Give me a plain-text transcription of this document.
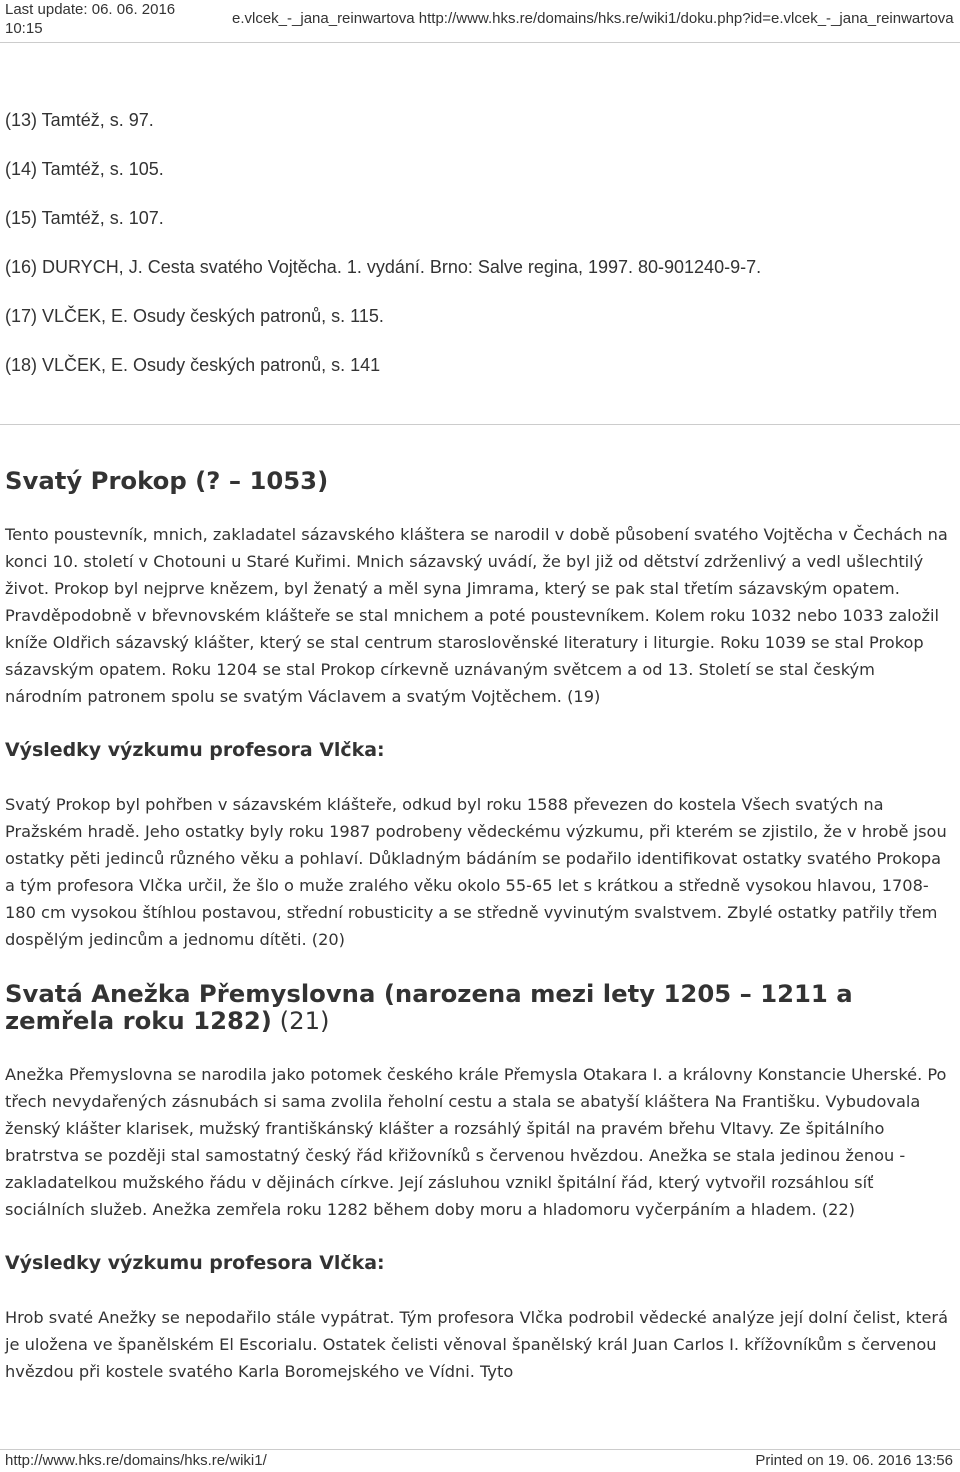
Last update: 06. 06. 2016 10:15
e.vlcek_-_jana_reinwartova http://www.hks.re/domains/hks.re/wiki1/doku.php?id=e.vlcek_-_jana_reinwartova
(13) Tamtéž, s. 97.
(14) Tamtéž, s. 105.
(15) Tamtéž, s. 107.
(16) DURYCH, J. Cesta svatého Vojtěcha. 1. vydání. Brno: Salve regina, 1997. 80-901240-9-7.
(17) VLČEK, E. Osudy českých patronů, s. 115.
(18) VLČEK, E. Osudy českých patronů, s. 141
Svatý Prokop (? – 1053)

Tento poustevník, mnich, zakladatel sázavského kláštera se narodil v době působení svatého Vojtěcha v Čechách na konci 10. století v Chotouni u Staré Kuřimi. Mnich sázavský uvádí, že byl již od dětství zdrženlivý a vedl ušlechtilý život. Prokop byl nejprve knězem, byl ženatý a měl syna Jimrama, který se pak stal třetím sázavským opatem. Pravděpodobně v břevnovském klášteře se stal mnichem a poté poustevníkem. Kolem roku 1032 nebo 1033 založil kníže Oldřich sázavský klášter, který se stal centrum staroslověnské literatury i liturgie. Roku 1039 se stal Prokop sázavským opatem. Roku 1204 se stal Prokop církevně uznávaným světcem a od 13. Století se stal českým národním patronem spolu se svatým Václavem a svatým Vojtěchem. (19)

Výsledky výzkumu profesora Vlčka:

Svatý Prokop byl pohřben v sázavském klášteře, odkud byl roku 1588 převezen do kostela Všech svatých na Pražském hradě. Jeho ostatky byly roku 1987 podrobeny vědeckému výzkumu, při kterém se zjistilo, že v hrobě jsou ostatky pěti jedinců různého věku a pohlaví. Důkladným bádáním se podařilo identifikovat ostatky svatého Prokopa a tým profesora Vlčka určil, že šlo o muže zralého věku okolo 55-65 let s krátkou a středně vysokou hlavou, 1708-180 cm vysokou štíhlou postavou, střední robusticity a se středně vyvinutým svalstvem. Zbylé ostatky patřily třem dospělým jedincům a jednomu dítěti. (20)

Svatá Anežka Přemyslovna (narozena mezi lety 1205 – 1211 a zemřela roku 1282) (21)

Anežka Přemyslovna se narodila jako potomek českého krále Přemysla Otakara I. a královny Konstancie Uherské. Po třech nevydařených zásnubách si sama zvolila řeholní cestu a stala se abatyší kláštera Na Františku. Vybudovala ženský klášter klarisek, mužský františkánský klášter a rozsáhlý špitál na pravém břehu Vltavy. Ze špitálního bratrstva se později stal samostatný český řád křižovníků s červenou hvězdou. Anežka se stala jedinou ženou -zakladatelkou mužského řádu v dějinách církve. Její zásluhou vznikl špitální řád, který vytvořil rozsáhlou síť sociálních služeb. Anežka zemřela roku 1282 během doby moru a hladomoru vyčerpáním a hladem. (22)

Výsledky výzkumu profesora Vlčka:

Hrob svaté Anežky se nepodařilo stále vypátrat. Tým profesora Vlčka podrobil vědecké analýze její dolní čelist, která je uložena ve španělském El Escorialu. Ostatek čelisti věnoval španělský král Juan Carlos I. křížovníkům s červenou hvězdou při kostele svatého Karla Boromejského ve Vídni. Tyto

http://www.hks.re/domains/hks.re/wiki1/	Printed on 19. 06. 2016 13:56
